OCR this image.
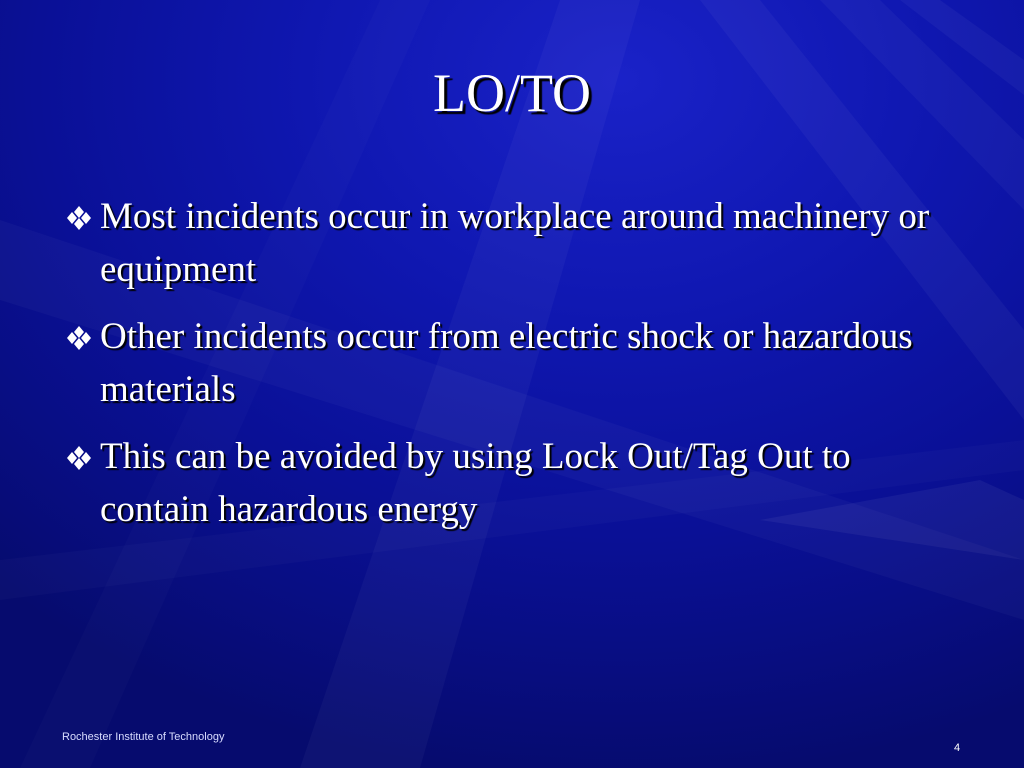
LO/TO
Most incidents occur in workplace around machinery or equipment
Other incidents occur from electric shock or hazardous materials
This can be avoided by using Lock Out/Tag Out to contain hazardous energy
Rochester Institute of Technology
4
